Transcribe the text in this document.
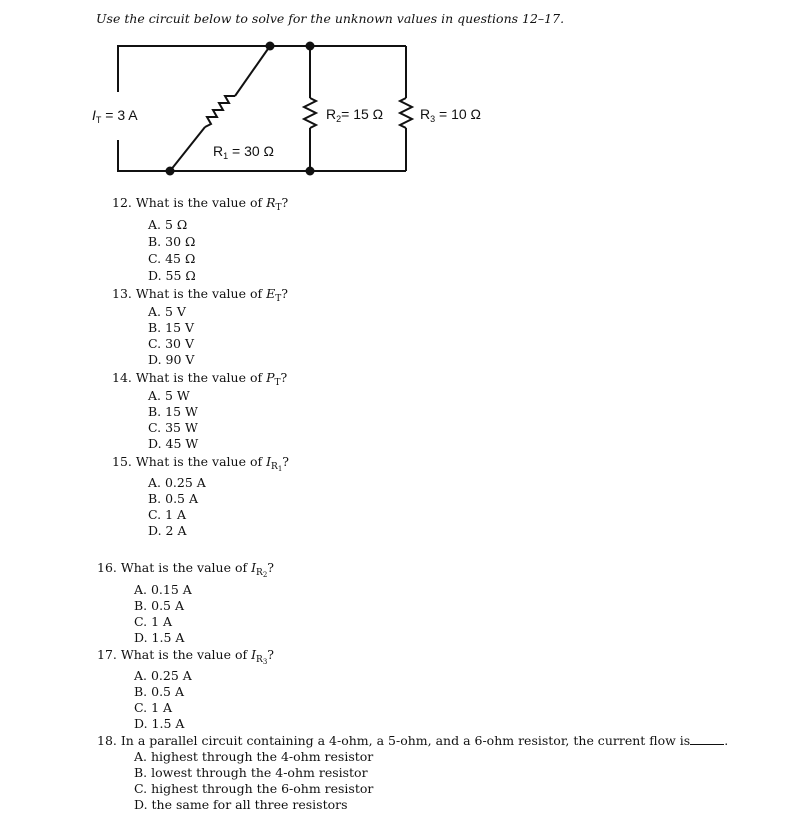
Use the circuit below to solve for the unknown values in questions 12–17.
$I_T = 3$ A
$R_1 = 30$ Ω
$R_2= 15$ Ω	$R_3 = 10$ Ω
12. What is the value of $R_T$?
A. 5 Ω
B. 30 Ω
C. 45 Ω
D. 55 Ω
13. What is the value of $E_T$?
A. 5 V
B. 15 V
C. 30 V
D. 90 V
14. What is the value of $P_T$?
A. 5 W
B. 15 W
C. 35 W
D. 45 W
15. What is the value of $I_{R_1}$?
A. 0.25 A
B. 0.5 A
C. 1 A
D. 2 A
16. What is the value of $I_{R_2}$?
A. 0.15 A
B. 0.5 A
C. 1 A
D. 1.5 A
17. What is the value of $I_{R_3}$?
A. 0.25 A
B. 0.5 A
C. 1 A
D. 1.5 A
18. In a parallel circuit containing a 4-ohm, a 5-ohm, and a 6-ohm resistor, the current flow is	.
A. highest through the 4-ohm resistor
B. lowest through the 4-ohm resistor
C. highest through the 6-ohm resistor
D. the same for all three resistors
